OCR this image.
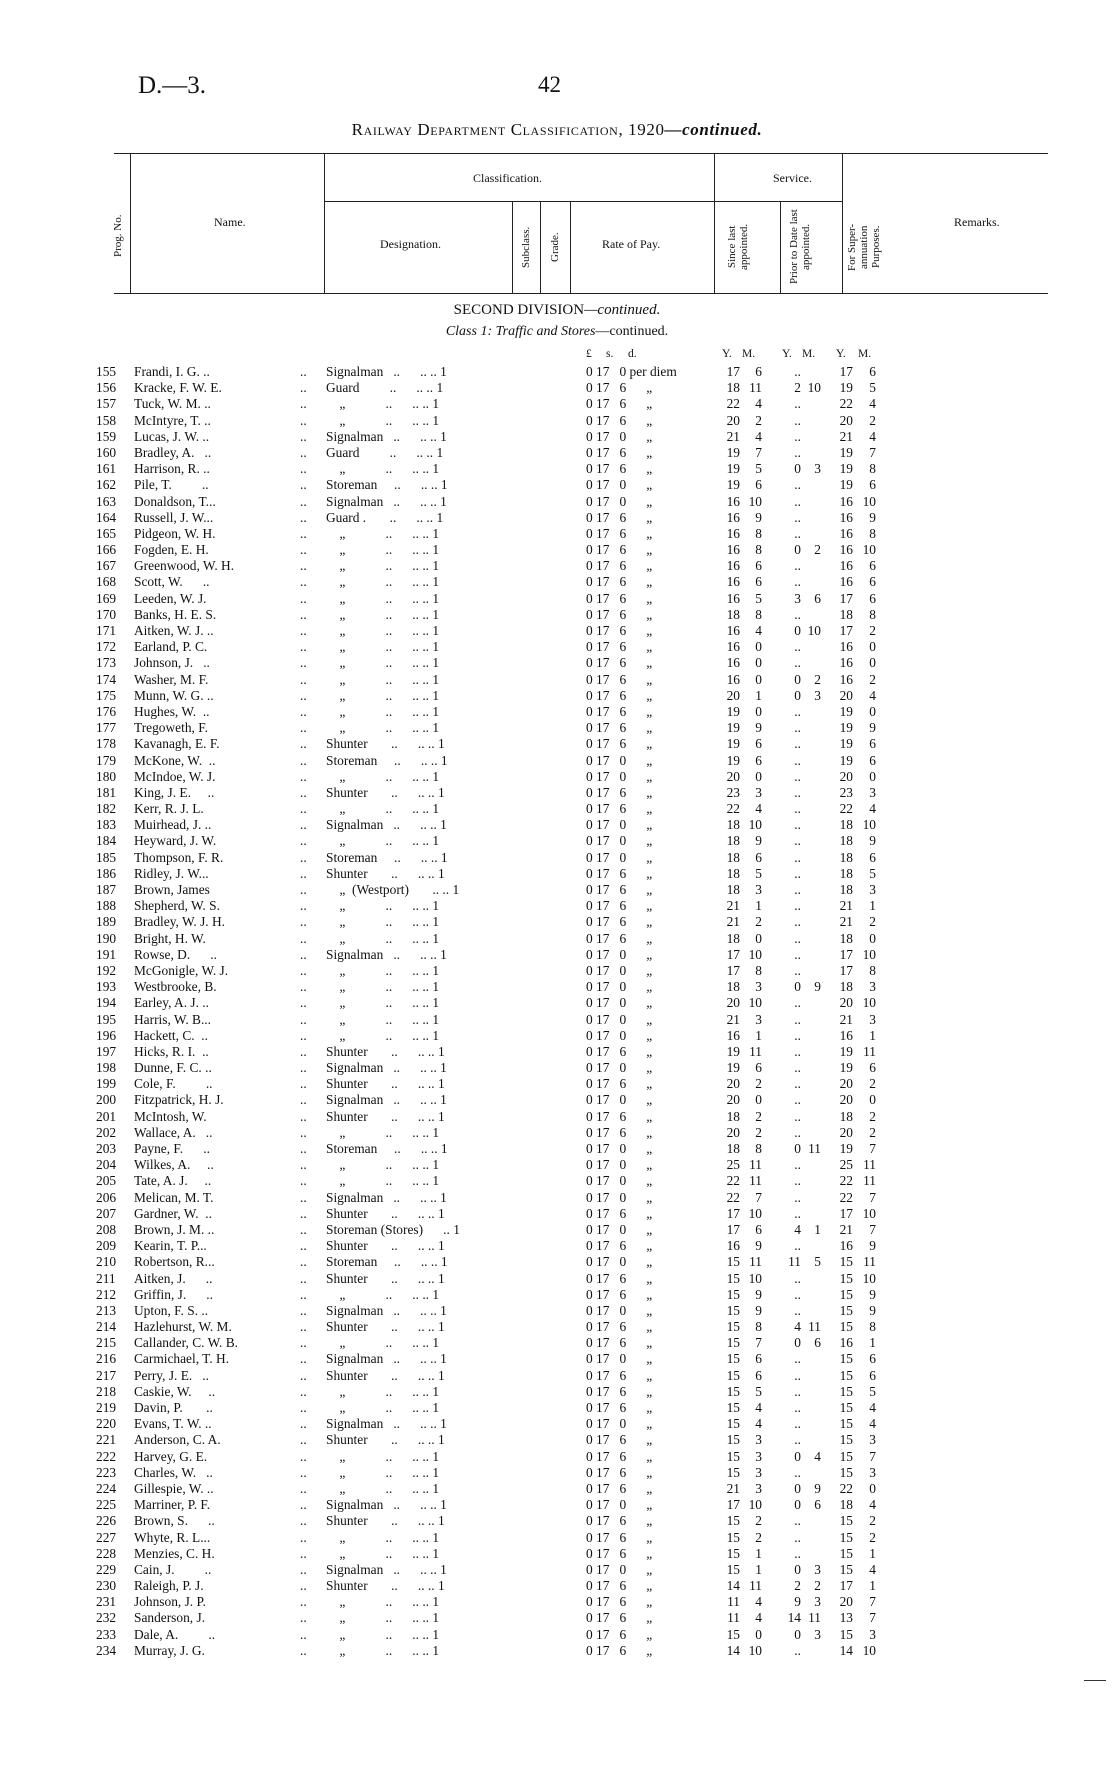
D.—3.	42
Railway Department Classification, 1920—continued.
Prog. No.	Name.
Classification.
Designation.	Subclass. Grade.	Rate of Pay.
Service.
Since last appointed.	Prior to Date last appointed.	For Super-annuation Purposes.
Remarks.
SECOND DIVISION—continued.
Class 1: Traffic and Stores—continued.
£ s. d.	Y. M. Y. M. Y. M.
155	Frandi, I. G. ..	.. Signalman   ..      .. .. 1	0 17   0 per diem	17	6	..	17	6
156	Kracke, F. W. E.	.. Guard         ..      .. .. 1	0 17   6      „	18 11	2 10	19	5
157	Tuck, W. M. ..	.. „            ..      .. .. 1	0 17   6      „	22	4	..	22	4
158	McIntyre, T. ..	.. „            ..      .. .. 1	0 17   6      „	20	2	..	20	2
159	Lucas, J. W. ..	.. Signalman   ..      .. .. 1	0 17   0      „	21	4	..	21	4
160	Bradley, A.   ..	.. Guard         ..      .. .. 1	0 17   6      „	19	7	..	19	7
161	Harrison, R. ..	.. „            ..      .. .. 1	0 17   6      „	19	5	0 3	19	8
162	Pile, T.         ..	.. Storeman     ..      .. .. 1	0 17   0      „	19	6	..	19	6
163	Donaldson, T...	.. Signalman   ..      .. .. 1	0 17   0      „	16 10	..	16 10
164	Russell, J. W...	.. Guard .       ..      .. .. 1	0 17   6      „	16	9	..	16	9
165	Pidgeon, W. H.	.. „            ..      .. .. 1	0 17   6      „	16	8	..	16	8
166	Fogden, E. H.	.. „            ..      .. .. 1	0 17   6      „	16	8	0 2	16 10
167	Greenwood, W. H.	.. „            ..      .. .. 1	0 17   6      „	16	6	..	16	6
168	Scott, W.      ..	.. „            ..      .. .. 1	0 17   6      „	16	6	..	16	6
169	Leeden, W. J.	.. „            ..      .. .. 1	0 17   6      „	16	5	3 6	17	6
170	Banks, H. E. S.	.. „            ..      .. .. 1	0 17   6      „	18	8	..	18	8
171	Aitken, W. J. ..	.. „            ..      .. .. 1	0 17   6      „	16	4	0 10	17	2
172	Earland, P. C.	.. „            ..      .. .. 1	0 17   6      „	16	0	..	16	0
173	Johnson, J.   ..	.. „            ..      .. .. 1	0 17   6      „	16	0	..	16	0
174	Washer, M. F.	.. „            ..      .. .. 1	0 17   6      „	16	0	0 2	16	2
175	Munn, W. G. ..	.. „            ..      .. .. 1	0 17   6      „	20	1	0 3	20	4
176	Hughes, W.  ..	.. „            ..      .. .. 1	0 17   6      „	19	0	..	19	0
177	Tregoweth, F.	.. „            ..      .. .. 1	0 17   6      „	19	9	..	19	9
178	Kavanagh, E. F.	.. Shunter       ..      .. .. 1	0 17   6      „	19	6	..	19	6
179	McKone, W.  ..	.. Storeman     ..      .. .. 1	0 17   0      „	19	6	..	19	6
180	McIndoe, W. J.	.. „            ..      .. .. 1	0 17   0      „	20	0	..	20	0
181	King, J. E.     ..	.. Shunter       ..      .. .. 1	0 17   6      „	23	3	..	23	3
182	Kerr, R. J. L.	.. „            ..      .. .. 1	0 17   6      „	22	4	..	22	4
183	Muirhead, J. ..	.. Signalman   ..      .. .. 1	0 17   0      „	18 10	..	18 10
184	Heyward, J. W.	.. „            ..      .. .. 1	0 17   0      „	18	9	..	18	9
185	Thompson, F. R.	.. Storeman     ..      .. .. 1	0 17   0      „	18	6	..	18	6
186	Ridley, J. W...	.. Shunter       ..      .. .. 1	0 17   6      „	18	5	..	18	5
187	Brown, James	.. „  (Westport)       .. .. 1	0 17   6      „	18	3	..	18	3
188	Shepherd, W. S.	.. „            ..      .. .. 1	0 17   6      „	21	1	..	21	1
189	Bradley, W. J. H.	.. „            ..      .. .. 1	0 17   6      „	21	2	..	21	2
190	Bright, H. W.	.. „            ..      .. .. 1	0 17   6      „	18	0	..	18	0
191	Rowse, D.      ..	.. Signalman   ..      .. .. 1	0 17   0      „	17 10	..	17 10
192	McGonigle, W. J.	.. „            ..      .. .. 1	0 17   0      „	17	8	..	17	8
193	Westbrooke, B.	.. „            ..      .. .. 1	0 17   0      „	18	3	0 9	18	3
194	Earley, A. J. ..	.. „            ..      .. .. 1	0 17   0      „	20 10	..	20 10
195	Harris, W. B...	.. „            ..      .. .. 1	0 17   0      „	21	3	..	21	3
196	Hackett, C.  ..	.. „            ..      .. .. 1	0 17   0      „	16	1	..	16	1
197	Hicks, R. I.  ..	.. Shunter       ..      .. .. 1	0 17   6      „	19 11	..	19 11
198	Dunne, F. C. ..	.. Signalman   ..      .. .. 1	0 17   0      „	19	6	..	19	6
199	Cole, F.         ..	.. Shunter       ..      .. .. 1	0 17   6      „	20	2	..	20	2
200	Fitzpatrick, H. J.	.. Signalman   ..      .. .. 1	0 17   0      „	20	0	..	20	0
201	McIntosh, W.	.. Shunter       ..      .. .. 1	0 17   6      „	18	2	..	18	2
202	Wallace, A.   ..	.. „            ..      .. .. 1	0 17   6      „	20	2	..	20	2
203	Payne, F.      ..	.. Storeman     ..      .. .. 1	0 17   0      „	18	8	0 11	19	7
204	Wilkes, A.     ..	.. „            ..      .. .. 1	0 17   0      „	25 11	..	25 11
205	Tate, A. J.     ..	.. „            ..      .. .. 1	0 17   0      „	22 11	..	22 11
206	Melican, M. T.	.. Signalman   ..      .. .. 1	0 17   0      „	22	7	..	22	7
207	Gardner, W.  ..	.. Shunter       ..      .. .. 1	0 17   6      „	17 10	..	17 10
208	Brown, J. M. ..	.. Storeman (Stores)      .. 1	0 17   0      „	17	6	4 1	21	7
209	Kearin, T. P...	.. Shunter       ..      .. .. 1	0 17   6      „	16	9	..	16	9
210	Robertson, R...	.. Storeman     ..      .. .. 1	0 17   0      „	15 11	11 5	15 11
211	Aitken, J.      ..	.. Shunter       ..      .. .. 1	0 17   6      „	15 10	..	15 10
212	Griffin, J.      ..	.. „            ..      .. .. 1	0 17   6      „	15	9	..	15	9
213	Upton, F. S. ..	.. Signalman   ..      .. .. 1	0 17   0      „	15	9	..	15	9
214	Hazlehurst, W. M.	.. Shunter       ..      .. .. 1	0 17   6      „	15	8	4 11	15	8
215	Callander, C. W. B.	.. „            ..      .. .. 1	0 17   6      „	15	7	0 6	16	1
216	Carmichael, T. H.	.. Signalman   ..      .. .. 1	0 17   0      „	15	6	..	15	6
217	Perry, J. E.   ..	.. Shunter       ..      .. .. 1	0 17   6      „	15	6	..	15	6
218	Caskie, W.     ..	.. „            ..      .. .. 1	0 17   6      „	15	5	..	15	5
219	Davin, P.       ..	.. „            ..      .. .. 1	0 17   6      „	15	4	..	15	4
220	Evans, T. W. ..	.. Signalman   ..      .. .. 1	0 17   0      „	15	4	..	15	4
221	Anderson, C. A.	.. Shunter       ..      .. .. 1	0 17   6      „	15	3	..	15	3
222	Harvey, G. E.	.. „            ..      .. .. 1	0 17   6      „	15	3	0 4	15	7
223	Charles, W.   ..	.. „            ..      .. .. 1	0 17   6      „	15	3	..	15	3
224	Gillespie, W. ..	.. „            ..      .. .. 1	0 17   6      „	21	3	0 9	22	0
225	Marriner, P. F.	.. Signalman   ..      .. .. 1	0 17   0      „	17 10	0 6	18	4
226	Brown, S.      ..	.. Shunter       ..      .. .. 1	0 17   6      „	15	2	..	15	2
227	Whyte, R. L...	.. „            ..      .. .. 1	0 17   6      „	15	2	..	15	2
228	Menzies, C. H.	.. „            ..      .. .. 1	0 17   6      „	15	1	..	15	1
229	Cain, J.         ..	.. Signalman   ..      .. .. 1	0 17   0      „	15	1	0 3	15	4
230	Raleigh, P. J.	.. Shunter       ..      .. .. 1	0 17   6      „	14 11	2 2	17	1
231	Johnson, J. P.	.. „            ..      .. .. 1	0 17   6      „	11	4	9 3	20	7
232	Sanderson, J.	.. „            ..      .. .. 1	0 17   6      „	11	4	14 11	13	7
233	Dale, A.         ..	.. „            ..      .. .. 1	0 17   6      „	15	0	0 3	15	3
234	Murray, J. G.	.. „            ..      .. .. 1	0 17   6      „	14 10	..	14 10
